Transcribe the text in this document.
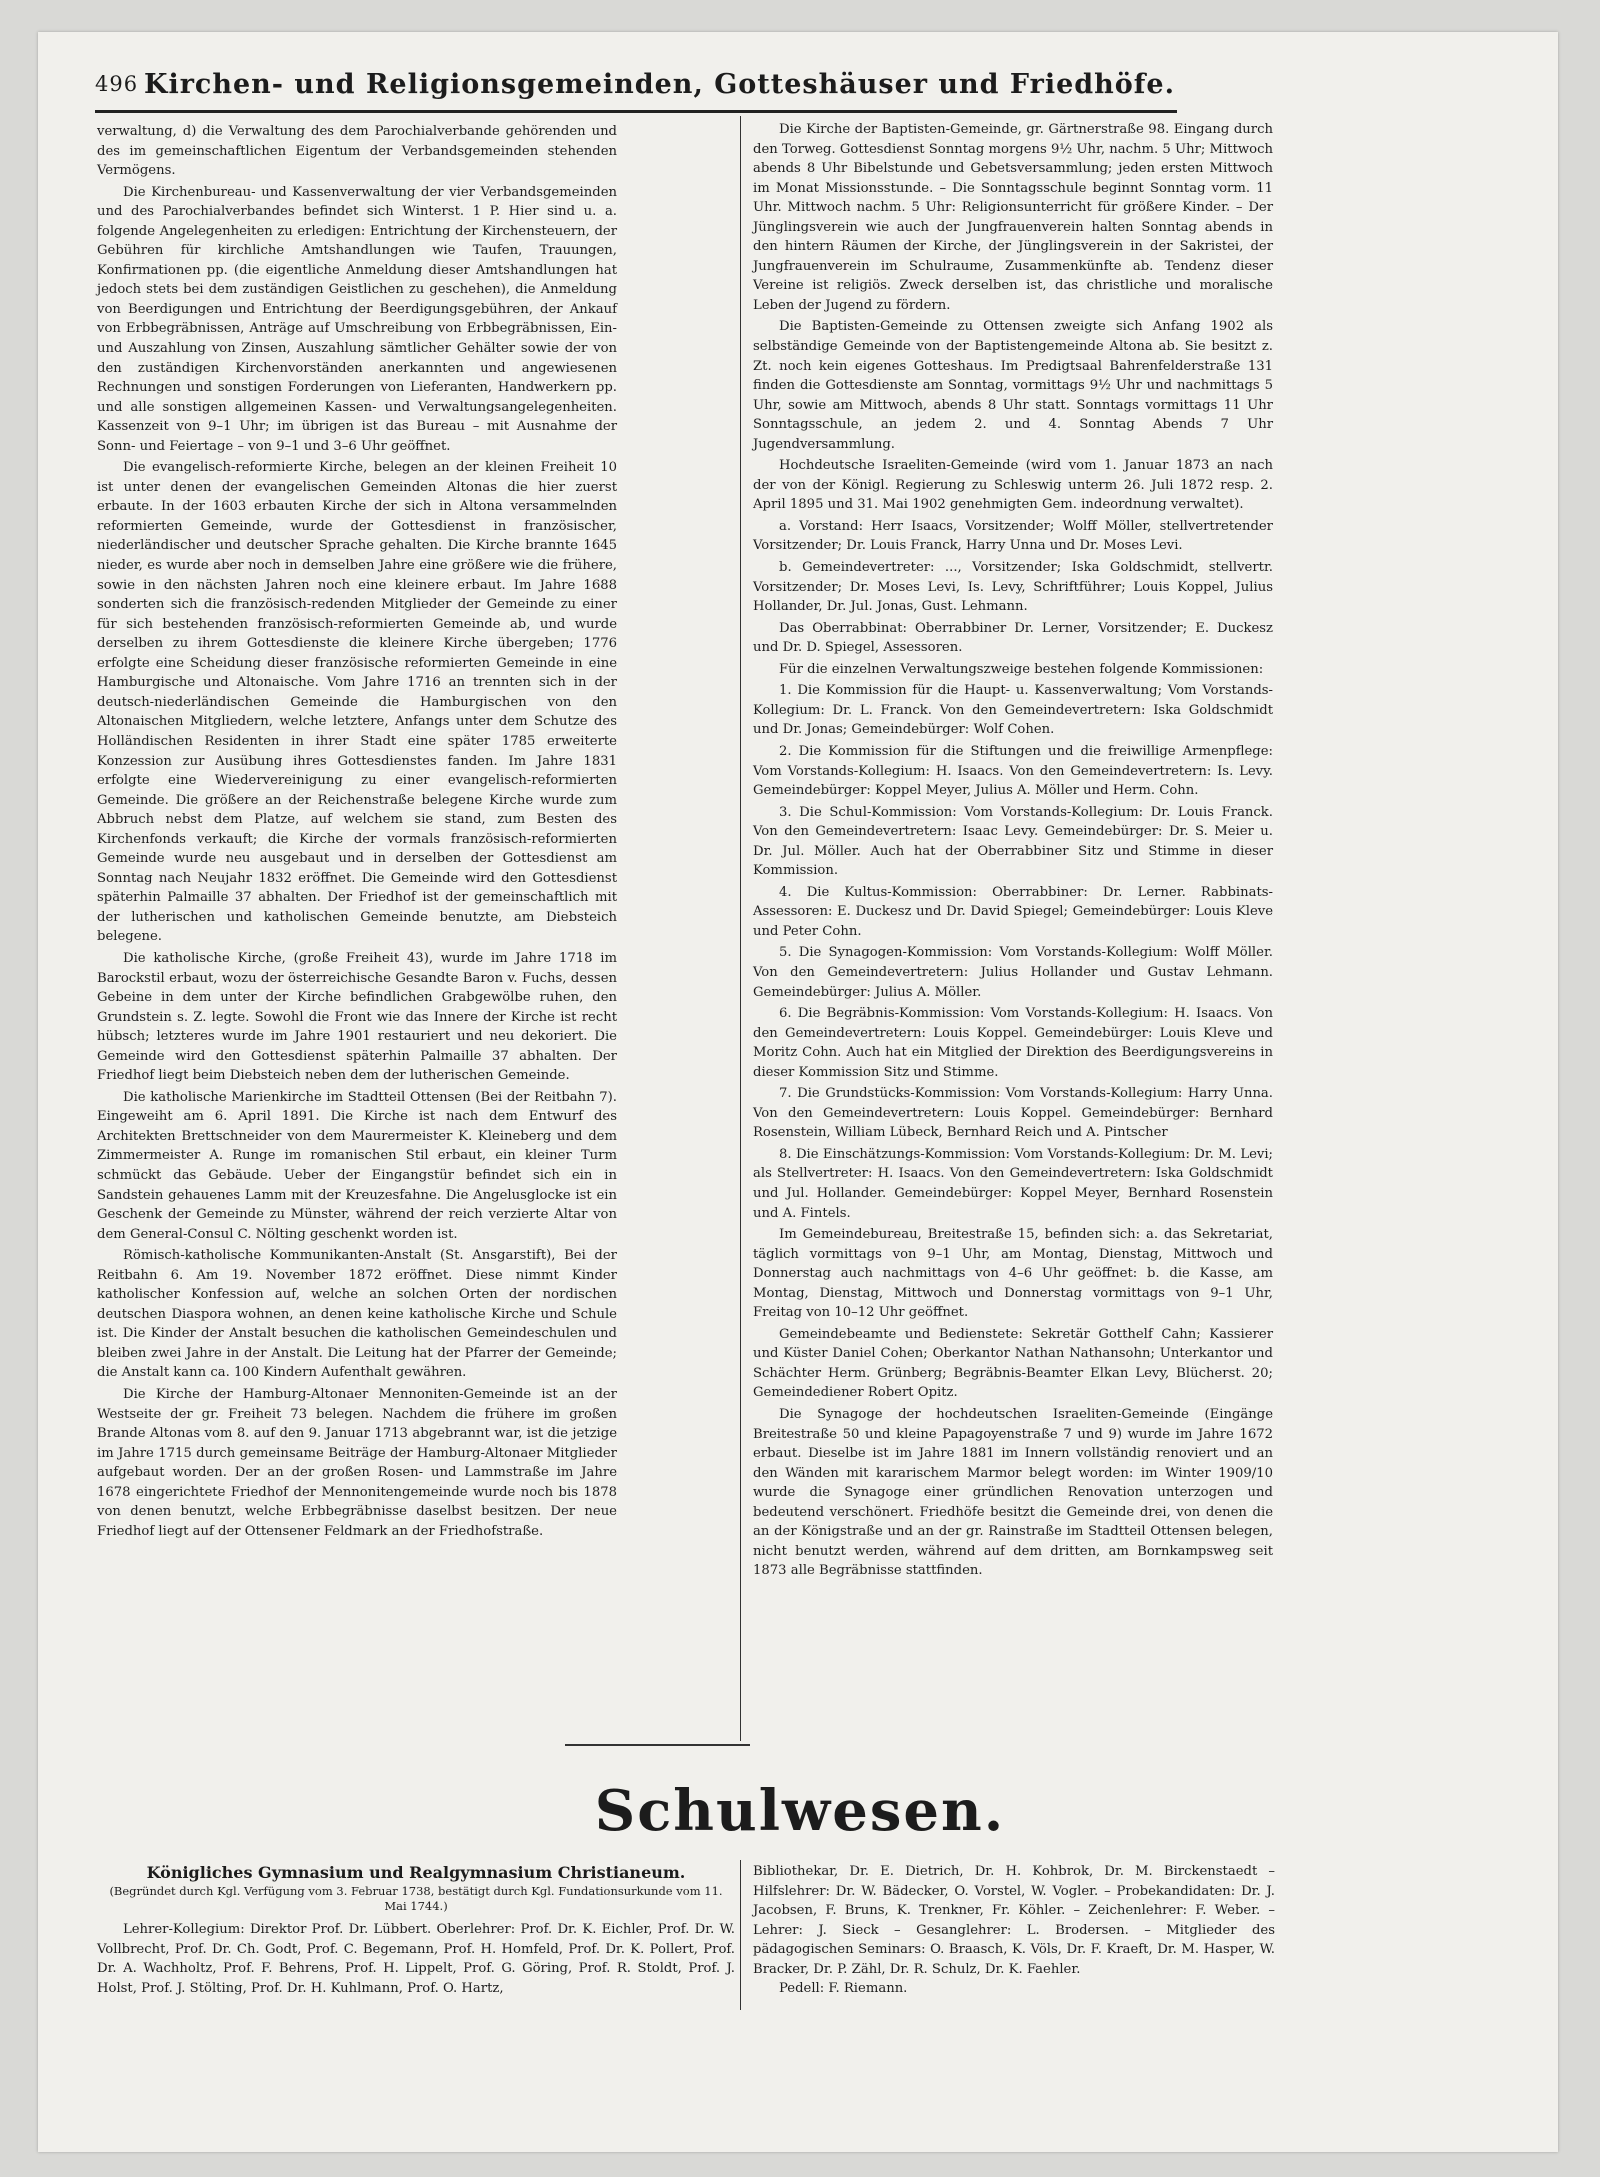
496 Kirchen- und Religionsgemeinden, Gotteshäuser und Friedhöfe.

verwaltung, d) die Verwaltung des dem Parochialverbande gehörenden und des im gemeinschaftlichen Eigentum der Verbandsgemeinden stehenden Vermögens.

Die Kirchenbureau- und Kassenverwaltung der vier Verbandsgemeinden und des Parochialverbandes befindet sich Winterst. 1 P. Hier sind u. a. folgende Angelegenheiten zu erledigen: Entrichtung der Kirchensteuern, der Gebühren für kirchliche Amtshandlungen wie Taufen, Trauungen, Konfirmationen pp. (die eigentliche Anmeldung dieser Amtshandlungen hat jedoch stets bei dem zuständigen Geistlichen zu geschehen), die Anmeldung von Beerdigungen und Entrichtung der Beerdigungsgebühren, der Ankauf von Erbbegräbnissen, Anträge auf Umschreibung von Erbbegräbnissen, Ein- und Auszahlung von Zinsen, Auszahlung sämtlicher Gehälter sowie der von den zuständigen Kirchenvorständen anerkannten und angewiesenen Rechnungen und sonstigen Forderungen von Lieferanten, Handwerkern pp. und alle sonstigen allgemeinen Kassen- und Verwaltungsangelegenheiten. Kassenzeit von 9–1 Uhr; im übrigen ist das Bureau – mit Ausnahme der Sonn- und Feiertage – von 9–1 und 3–6 Uhr geöffnet.

Die evangelisch-reformierte Kirche, belegen an der kleinen Freiheit 10 ist unter denen der evangelischen Gemeinden Altonas die hier zuerst erbaute. In der 1603 erbauten Kirche der sich in Altona versammelnden reformierten Gemeinde, wurde der Gottesdienst in französischer, niederländischer und deutscher Sprache gehalten. Die Kirche brannte 1645 nieder, es wurde aber noch in demselben Jahre eine größere wie die frühere, sowie in den nächsten Jahren noch eine kleinere erbaut. Im Jahre 1688 sonderten sich die französisch-redenden Mitglieder der Gemeinde zu einer für sich bestehenden französisch-reformierten Gemeinde ab, und wurde derselben zu ihrem Gottesdienste die kleinere Kirche übergeben; 1776 erfolgte eine Scheidung dieser französische reformierten Gemeinde in eine Hamburgische und Altonaische. Vom Jahre 1716 an trennten sich in der deutsch-niederländischen Gemeinde die Hamburgischen von den Altonaischen Mitgliedern, welche letztere, Anfangs unter dem Schutze des Holländischen Residenten in ihrer Stadt eine später 1785 erweiterte Konzession zur Ausübung ihres Gottesdienstes fanden. Im Jahre 1831 erfolgte eine Wiedervereinigung zu einer evangelisch-reformierten Gemeinde. Die größere an der Reichenstraße belegene Kirche wurde zum Abbruch nebst dem Platze, auf welchem sie stand, zum Besten des Kirchenfonds verkauft; die Kirche der vormals französisch-reformierten Gemeinde wurde neu ausgebaut und in derselben der Gottesdienst am Sonntag nach Neujahr 1832 eröffnet. Die Gemeinde wird den Gottesdienst späterhin Palmaille 37 abhalten. Der Friedhof ist der gemeinschaftlich mit der lutherischen und katholischen Gemeinde benutzte, am Diebsteich belegene.

Die katholische Kirche, (große Freiheit 43), wurde im Jahre 1718 im Barockstil erbaut, wozu der österreichische Gesandte Baron v. Fuchs, dessen Gebeine in dem unter der Kirche befindlichen Grabgewölbe ruhen, den Grundstein s. Z. legte. Sowohl die Front wie das Innere der Kirche ist recht hübsch; letzteres wurde im Jahre 1901 restauriert und neu dekoriert. Die Gemeinde wird den Gottesdienst späterhin Palmaille 37 abhalten. Der Friedhof liegt beim Diebsteich neben dem der lutherischen Gemeinde.

Die katholische Marienkirche im Stadtteil Ottensen (Bei der Reitbahn 7). Eingeweiht am 6. April 1891. Die Kirche ist nach dem Entwurf des Architekten Brettschneider von dem Maurermeister K. Kleineberg und dem Zimmermeister A. Runge im romanischen Stil erbaut, ein kleiner Turm schmückt das Gebäude. Ueber der Eingangstür befindet sich ein in Sandstein gehauenes Lamm mit der Kreuzesfahne. Die Angelusglocke ist ein Geschenk der Gemeinde zu Münster, während der reich verzierte Altar von dem General-Consul C. Nölting geschenkt worden ist.

Römisch-katholische Kommunikanten-Anstalt (St. Ansgarstift), Bei der Reitbahn 6. Am 19. November 1872 eröffnet. Diese nimmt Kinder katholischer Konfession auf, welche an solchen Orten der nordischen deutschen Diaspora wohnen, an denen keine katholische Kirche und Schule ist. Die Kinder der Anstalt besuchen die katholischen Gemeindeschulen und bleiben zwei Jahre in der Anstalt. Die Leitung hat der Pfarrer der Gemeinde; die Anstalt kann ca. 100 Kindern Aufenthalt gewähren.

Die Kirche der Hamburg-Altonaer Mennoniten-Gemeinde ist an der Westseite der gr. Freiheit 73 belegen. Nachdem die frühere im großen Brande Altonas vom 8. auf den 9. Januar 1713 abgebrannt war, ist die jetzige im Jahre 1715 durch gemeinsame Beiträge der Hamburg-Altonaer Mitglieder aufgebaut worden. Der an der großen Rosen- und Lammstraße im Jahre 1678 eingerichtete Friedhof der Mennonitengemeinde wurde noch bis 1878 von denen benutzt, welche Erbbegräbnisse daselbst besitzen. Der neue Friedhof liegt auf der Ottensener Feldmark an der Friedhofstraße.

Die Kirche der Baptisten-Gemeinde, gr. Gärtnerstraße 98. Eingang durch den Torweg. Gottesdienst Sonntag morgens 9½ Uhr, nachm. 5 Uhr; Mittwoch abends 8 Uhr Bibelstunde und Gebetsversammlung; jeden ersten Mittwoch im Monat Missionsstunde. – Die Sonntagsschule beginnt Sonntag vorm. 11 Uhr. Mittwoch nachm. 5 Uhr: Religionsunterricht für größere Kinder. – Der Jünglingsverein wie auch der Jungfrauenverein halten Sonntag abends in den hintern Räumen der Kirche, der Jünglingsverein in der Sakristei, der Jungfrauenverein im Schulraume, Zusammenkünfte ab. Tendenz dieser Vereine ist religiös. Zweck derselben ist, das christliche und moralische Leben der Jugend zu fördern.

Die Baptisten-Gemeinde zu Ottensen zweigte sich Anfang 1902 als selbständige Gemeinde von der Baptistengemeinde Altona ab. Sie besitzt z. Zt. noch kein eigenes Gotteshaus. Im Predigtsaal Bahrenfelderstraße 131 finden die Gottesdienste am Sonntag, vormittags 9½ Uhr und nachmittags 5 Uhr, sowie am Mittwoch, abends 8 Uhr statt. Sonntags vormittags 11 Uhr Sonntagsschule, an jedem 2. und 4. Sonntag Abends 7 Uhr Jugendversammlung.

Hochdeutsche Israeliten-Gemeinde (wird vom 1. Januar 1873 an nach der von der Königl. Regierung zu Schleswig unterm 26. Juli 1872 resp. 2. April 1895 und 31. Mai 1902 genehmigten Gem. indeordnung verwaltet).

a. Vorstand: Herr Isaacs, Vorsitzender; Wolff Möller, stellvertretender Vorsitzender; Dr. Louis Franck, Harry Unna und Dr. Moses Levi.

b. Gemeindevertreter: ..., Vorsitzender; Iska Goldschmidt, stellvertr. Vorsitzender; Dr. Moses Levi, Is. Levy, Schriftführer; Louis Koppel, Julius Hollander, Dr. Jul. Jonas, Gust. Lehmann.

Das Oberrabbinat: Oberrabbiner Dr. Lerner, Vorsitzender; E. Duckesz und Dr. D. Spiegel, Assessoren.

Für die einzelnen Verwaltungszweige bestehen folgende Kommissionen:

1. Die Kommission für die Haupt- u. Kassenverwaltung; Vom Vorstands-Kollegium: Dr. L. Franck. Von den Gemeindevertretern: Iska Goldschmidt und Dr. Jonas; Gemeindebürger: Wolf Cohen.

2. Die Kommission für die Stiftungen und die freiwillige Armenpflege: Vom Vorstands-Kollegium: H. Isaacs. Von den Gemeindevertretern: Is. Levy. Gemeindebürger: Koppel Meyer, Julius A. Möller und Herm. Cohn.

3. Die Schul-Kommission: Vom Vorstands-Kollegium: Dr. Louis Franck. Von den Gemeindevertretern: Isaac Levy. Gemeindebürger: Dr. S. Meier u. Dr. Jul. Möller. Auch hat der Oberrabbiner Sitz und Stimme in dieser Kommission.

4. Die Kultus-Kommission: Oberrabbiner: Dr. Lerner. Rabbinats-Assessoren: E. Duckesz und Dr. David Spiegel; Gemeindebürger: Louis Kleve und Peter Cohn.

5. Die Synagogen-Kommission: Vom Vorstands-Kollegium: Wolff Möller. Von den Gemeindevertretern: Julius Hollander und Gustav Lehmann. Gemeindebürger: Julius A. Möller.

6. Die Begräbnis-Kommission: Vom Vorstands-Kollegium: H. Isaacs. Von den Gemeindevertretern: Louis Koppel. Gemeindebürger: Louis Kleve und Moritz Cohn. Auch hat ein Mitglied der Direktion des Beerdigungsvereins in dieser Kommission Sitz und Stimme.

7. Die Grundstücks-Kommission: Vom Vorstands-Kollegium: Harry Unna. Von den Gemeindevertretern: Louis Koppel. Gemeindebürger: Bernhard Rosenstein, William Lübeck, Bernhard Reich und A. Pintscher

8. Die Einschätzungs-Kommission: Vom Vorstands-Kollegium: Dr. M. Levi; als Stellvertreter: H. Isaacs. Von den Gemeindevertretern: Iska Goldschmidt und Jul. Hollander. Gemeindebürger: Koppel Meyer, Bernhard Rosenstein und A. Fintels.

Im Gemeindebureau, Breitestraße 15, befinden sich: a. das Sekretariat, täglich vormittags von 9–1 Uhr, am Montag, Dienstag, Mittwoch und Donnerstag auch nachmittags von 4–6 Uhr geöffnet: b. die Kasse, am Montag, Dienstag, Mittwoch und Donnerstag vormittags von 9–1 Uhr, Freitag von 10–12 Uhr geöffnet.

Gemeindebeamte und Bedienstete: Sekretär Gotthelf Cahn; Kassierer und Küster Daniel Cohen; Oberkantor Nathan Nathansohn; Unterkantor und Schächter Herm. Grünberg; Begräbnis-Beamter Elkan Levy, Blücherst. 20; Gemeindediener Robert Opitz.

Die Synagoge der hochdeutschen Israeliten-Gemeinde (Eingänge Breitestraße 50 und kleine Papagoyenstraße 7 und 9) wurde im Jahre 1672 erbaut. Dieselbe ist im Jahre 1881 im Innern vollständig renoviert und an den Wänden mit kararischem Marmor belegt worden: im Winter 1909/10 wurde die Synagoge einer gründlichen Renovation unterzogen und bedeutend verschönert. Friedhöfe besitzt die Gemeinde drei, von denen die an der Königstraße und an der gr. Rainstraße im Stadtteil Ottensen belegen, nicht benutzt werden, während auf dem dritten, am Bornkampsweg seit 1873 alle Begräbnisse stattfinden.

Schulwesen.
Königliches Gymnasium und Realgymnasium Christianeum.
(Begründet durch Kgl. Verfügung vom 3. Februar 1738, bestätigt durch Kgl. Fundationsurkunde vom 11. Mai 1744.)

Lehrer-Kollegium: Direktor Prof. Dr. Lübbert. Oberlehrer: Prof. Dr. K. Eichler, Prof. Dr. W. Vollbrecht, Prof. Dr. Ch. Godt, Prof. C. Begemann, Prof. H. Homfeld, Prof. Dr. K. Pollert, Prof. Dr. A. Wachholtz, Prof. F. Behrens, Prof. H. Lippelt, Prof. G. Göring, Prof. R. Stoldt, Prof. J. Holst, Prof. J. Stölting, Prof. Dr. H. Kuhlmann, Prof. O. Hartz,

Bibliothekar, Dr. E. Dietrich, Dr. H. Kohbrok, Dr. M. Birckenstaedt – Hilfslehrer: Dr. W. Bädecker, O. Vorstel, W. Vogler. – Probekandidaten: Dr. J. Jacobsen, F. Bruns, K. Trenkner, Fr. Köhler. – Zeichenlehrer: F. Weber. – Lehrer: J. Sieck – Gesanglehrer: L. Brodersen. – Mitglieder des pädagogischen Seminars: O. Braasch, K. Völs, Dr. F. Kraeft, Dr. M. Hasper, W. Bracker, Dr. P. Zähl, Dr. R. Schulz, Dr. K. Faehler.

Pedell: F. Riemann.
